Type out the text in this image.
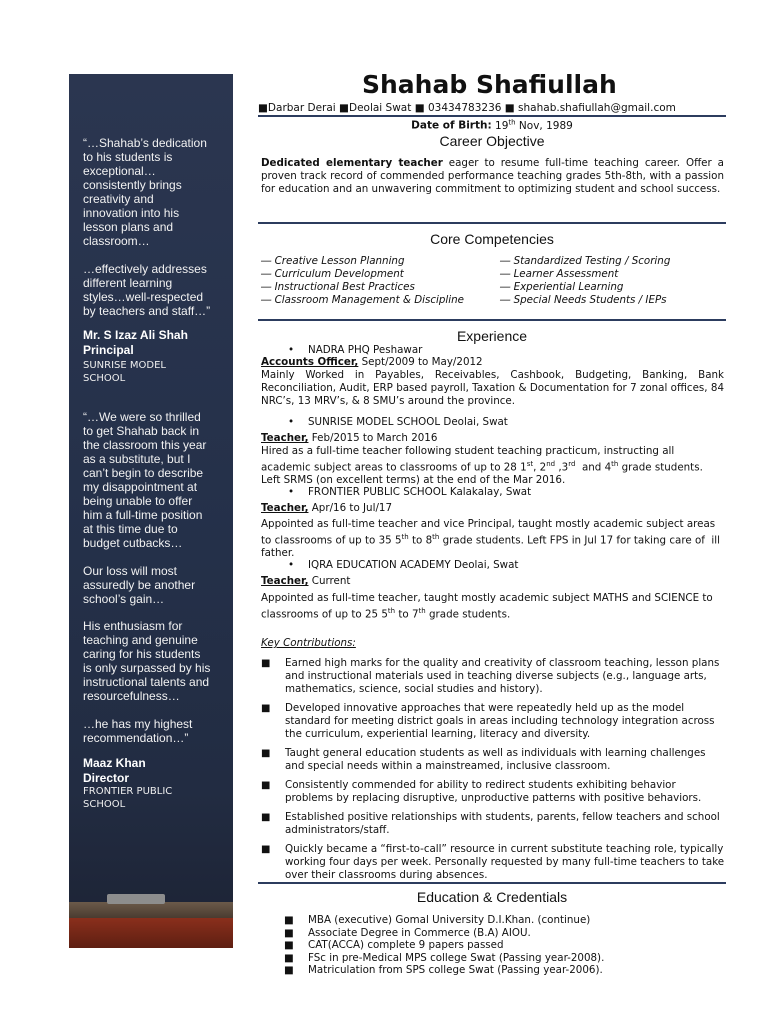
“…Shahab’s dedication
to his students is
exceptional…
consistently brings
creativity and
innovation into his
lesson plans and
classroom…
…effectively addresses
different learning
styles…well-respected
by teachers and staff…”
Mr. S Izaz Ali Shah
Principal
SUNRISE MODEL
SCHOOL
“…We were so thrilled
to get Shahab back in
the classroom this year
as a substitute, but I
can’t begin to describe
my disappointment at
being unable to offer
him a full-time position
at this time due to
budget cutbacks…
Our loss will most
assuredly be another
school’s gain…
His enthusiasm for
teaching and genuine
caring for his students
is only surpassed by his
instructional talents and
resourcefulness…
…he has my highest
recommendation…”
Maaz Khan
Director
FRONTIER PUBLIC
SCHOOL
Shahab Shafiullah
■Darbar Derai ■Deolai Swat ■ 03434783236 ■ shahab.shafiullah@gmail.com
Date of Birth: 19th Nov, 1989
Career Objective
Dedicated elementary teacher eager to resume full-time teaching career. Offer a proven track record of commended performance teaching grades 5th-8th, with a passion for education and an unwavering commitment to optimizing student and school success.
Core Competencies
― Creative Lesson Planning
― Curriculum Development
― Instructional Best Practices
― Classroom Management & Discipline
― Standardized Testing / Scoring
― Learner Assessment
― Experiential Learning
― Special Needs Students / IEPs
Experience
• NADRA PHQ Peshawar
Accounts Officer, Sept/2009 to May/2012
Mainly Worked in Payables, Receivables, Cashbook, Budgeting, Banking, Bank Reconciliation, Audit, ERP based payroll, Taxation & Documentation for 7 zonal offices, 84 NRC’s, 13 MRV’s, & 8 SMU’s around the province.
• SUNRISE MODEL SCHOOL Deolai, Swat
Teacher, Feb/2015 to March 2016
Hired as a full-time teacher following student teaching practicum, instructing all academic subject areas to classrooms of up to 28 1st, 2nd ,3rd  and 4th grade students. Left SRMS (on excellent terms) at the end of the Mar 2016.
• FRONTIER PUBLIC SCHOOL Kalakalay, Swat
Teacher, Apr/16 to Jul/17
Appointed as full-time teacher and vice Principal, taught mostly academic subject areas to classrooms of up to 35 5th to 8th grade students. Left FPS in Jul 17 for taking care of  ill father.
• IQRA EDUCATION ACADEMY Deolai, Swat
Teacher, Current
Appointed as full-time teacher, taught mostly academic subject MATHS and SCIENCE to classrooms of up to 25 5th to 7th grade students.
Key Contributions:
■ Earned high marks for the quality and creativity of classroom teaching, lesson plans and instructional materials used in teaching diverse subjects (e.g., language arts, mathematics, science, social studies and history).
■ Developed innovative approaches that were repeatedly held up as the model standard for meeting district goals in areas including technology integration across the curriculum, experiential learning, literacy and diversity.
■ Taught general education students as well as individuals with learning challenges and special needs within a mainstreamed, inclusive classroom.
■ Consistently commended for ability to redirect students exhibiting behavior problems by replacing disruptive, unproductive patterns with positive behaviors.
■ Established positive relationships with students, parents, fellow teachers and school administrators/staff.
■ Quickly became a “first-to-call” resource in current substitute teaching role, typically working four days per week. Personally requested by many full-time teachers to take over their classrooms during absences.
Education & Credentials
■ MBA (executive) Gomal University D.I.Khan. (continue)
■ Associate Degree in Commerce (B.A) AIOU.
■ CAT(ACCA) complete 9 papers passed
■ FSc in pre-Medical MPS college Swat (Passing year-2008).
■ Matriculation from SPS college Swat (Passing year-2006).
